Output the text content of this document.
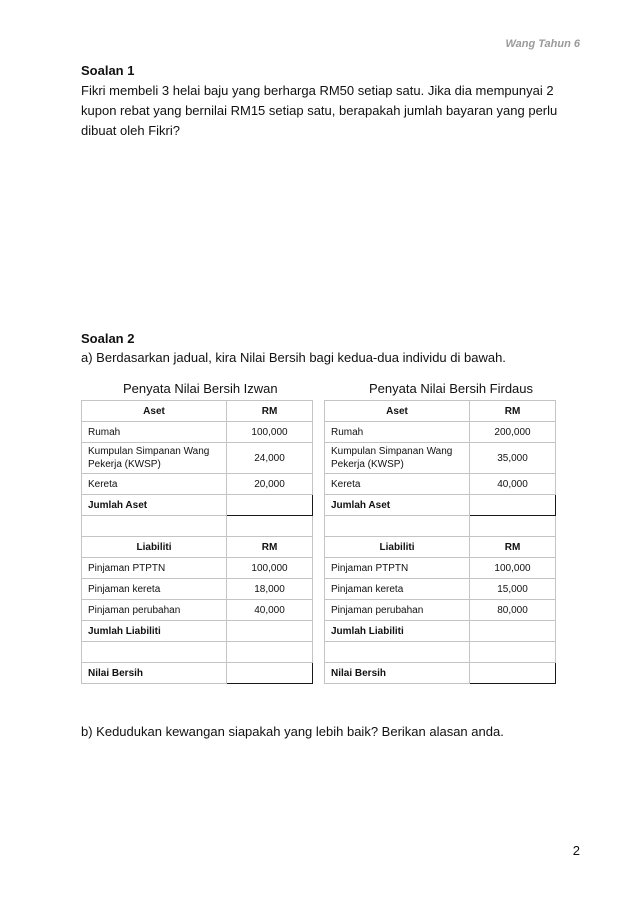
Wang Tahun 6
Soalan 1
Fikri membeli 3 helai baju yang berharga RM50 setiap satu. Jika dia mempunyai 2
kupon rebat yang bernilai RM15 setiap satu, berapakah jumlah bayaran yang perlu
dibuat oleh Fikri?
Soalan 2
a) Berdasarkan jadual, kira Nilai Bersih bagi kedua-dua individu di bawah.
Penyata Nilai Bersih Izwan	Penyata Nilai Bersih Firdaus
Aset	RM
Rumah	100,000
Kumpulan Simpanan Wang Pekerja (KWSP)	24,000
Kereta	20,000
Jumlah Aset	

Liabiliti	RM
Pinjaman PTPTN	100,000
Pinjaman kereta	18,000
Pinjaman perubahan	40,000
Jumlah Liabiliti	

Nilai Bersih	
Aset	RM
Rumah	200,000
Kumpulan Simpanan Wang Pekerja (KWSP)	35,000
Kereta	40,000
Jumlah Aset	

Liabiliti	RM
Pinjaman PTPTN	100,000
Pinjaman kereta	15,000
Pinjaman perubahan	80,000
Jumlah Liabiliti	

Nilai Bersih	
b) Kedudukan kewangan siapakah yang lebih baik? Berikan alasan anda.
2
